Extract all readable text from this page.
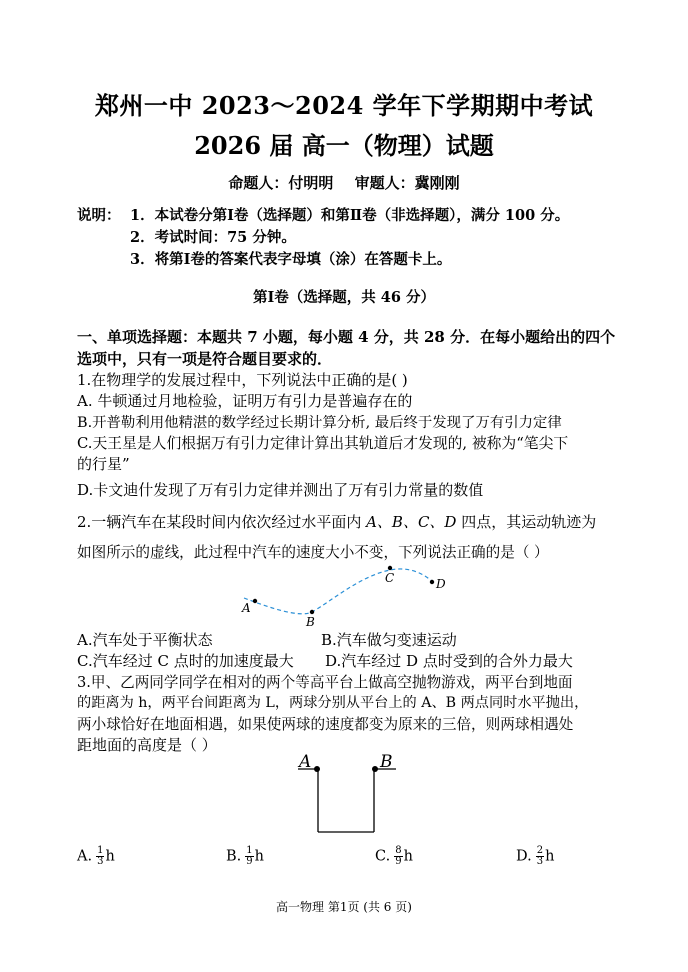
郑州一中 2023～2024 学年下学期期中考试
2026 届 高一（物理）试题
命题人：付明明 审题人：冀刚刚
说明： 1．本试卷分第Ⅰ卷（选择题）和第Ⅱ卷（非选择题），满分 100 分。
2．考试时间：75 分钟。
3．将第Ⅰ卷的答案代表字母填（涂）在答题卡上。
第Ⅰ卷（选择题，共 46 分）
一、单项选择题：本题共 7 小题，每小题 4 分，共 28 分．在每小题给出的四个选项中，只有一项是符合题目要求的．
1.在物理学的发展过程中，下列说法中正确的是( )
A. 牛顿通过月地检验，证明万有引力是普遍存在的
B.开普勒利用他精湛的数学经过长期计算分析, 最后终于发现了万有引力定律
C.天王星是人们根据万有引力定律计算出其轨道后才发现的, 被称为“笔尖下
的行星”
D.卡文迪什发现了万有引力定律并测出了万有引力常量的数值
2.一辆汽车在某段时间内依次经过水平面内 A、B、C、D 四点，其运动轨迹为
如图所示的虚线，此过程中汽车的速度大小不变，下列说法正确的是（ ）
A
B
C	D
A.汽车处于平衡状态	B.汽车做匀变速运动
C.汽车经过 C 点时的加速度最大 D.汽车经过 D 点时受到的合外力最大
3.甲、乙两同学同学在相对的两个等高平台上做高空抛物游戏，两平台到地面
的距离为 h，两平台间距离为 L，两球分别从平台上的 A、B 两点同时水平抛出，
两小球恰好在地面相遇，如果使两球的速度都变为原来的三倍，则两球相遇处
距地面的高度是（ ）
A	B
A. $\frac{1}{3}$ h	B. $\frac{1}{9}$ h	C. $\frac{8}{9}$ h	D. $\frac{2}{3}$ h
高一物理 第1页 (共 6 页)
